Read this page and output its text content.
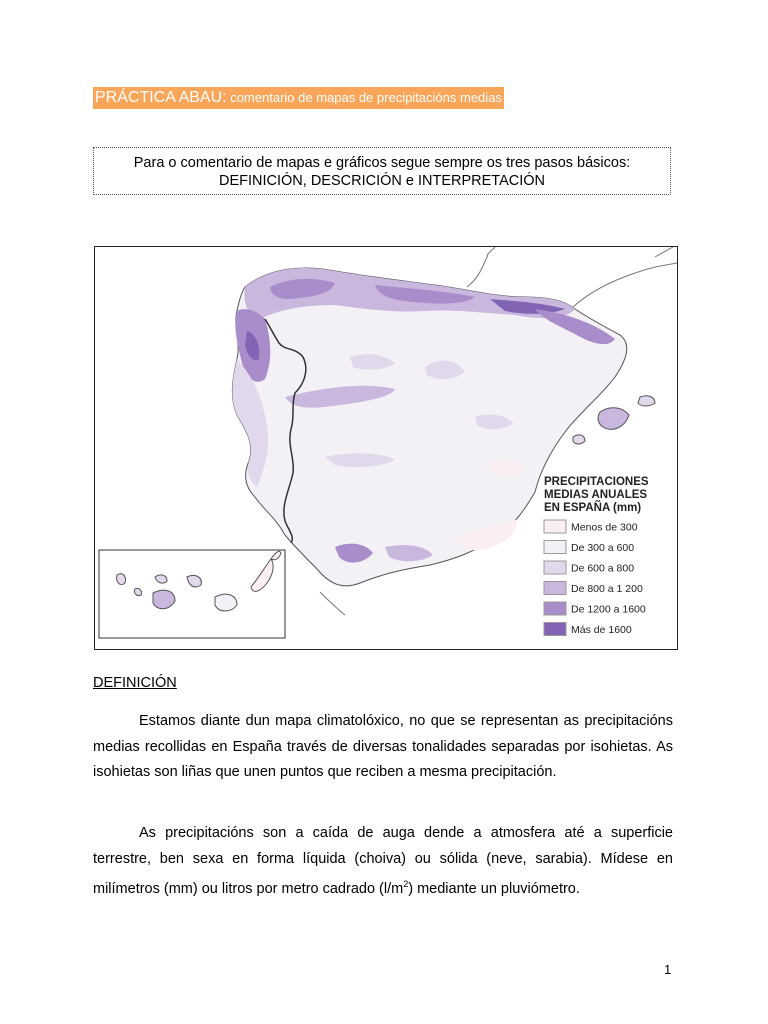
PRÁCTICA ABAU: comentario de mapas de precipitacións medias
Para o comentario de mapas e gráficos segue sempre os tres pasos básicos:
DEFINICIÓN, DESCRICIÓN e INTERPRETACIÓN
PRECIPITACIONES
MEDIAS ANUALES
EN ESPAÑA (mm)
Menos de 300
De 300 a 600
De 600 a 800
De 800 a 1 200
De 1200 a 1600
Más de 1600
DEFINICIÓN

Estamos diante dun mapa climatolóxico, no que se representan as precipitacións medias recollidas en España través de diversas tonalidades separadas por isohietas. As isohietas son liñas que unen puntos que reciben a mesma precipitación.

As precipitacións son a caída de auga dende a atmosfera até a superficie terrestre, ben sexa en forma líquida (choiva) ou sólida (neve, sarabia). Mídese en milímetros (mm) ou litros por metro cadrado $(l/m^2)$ mediante un pluviómetro.

1
